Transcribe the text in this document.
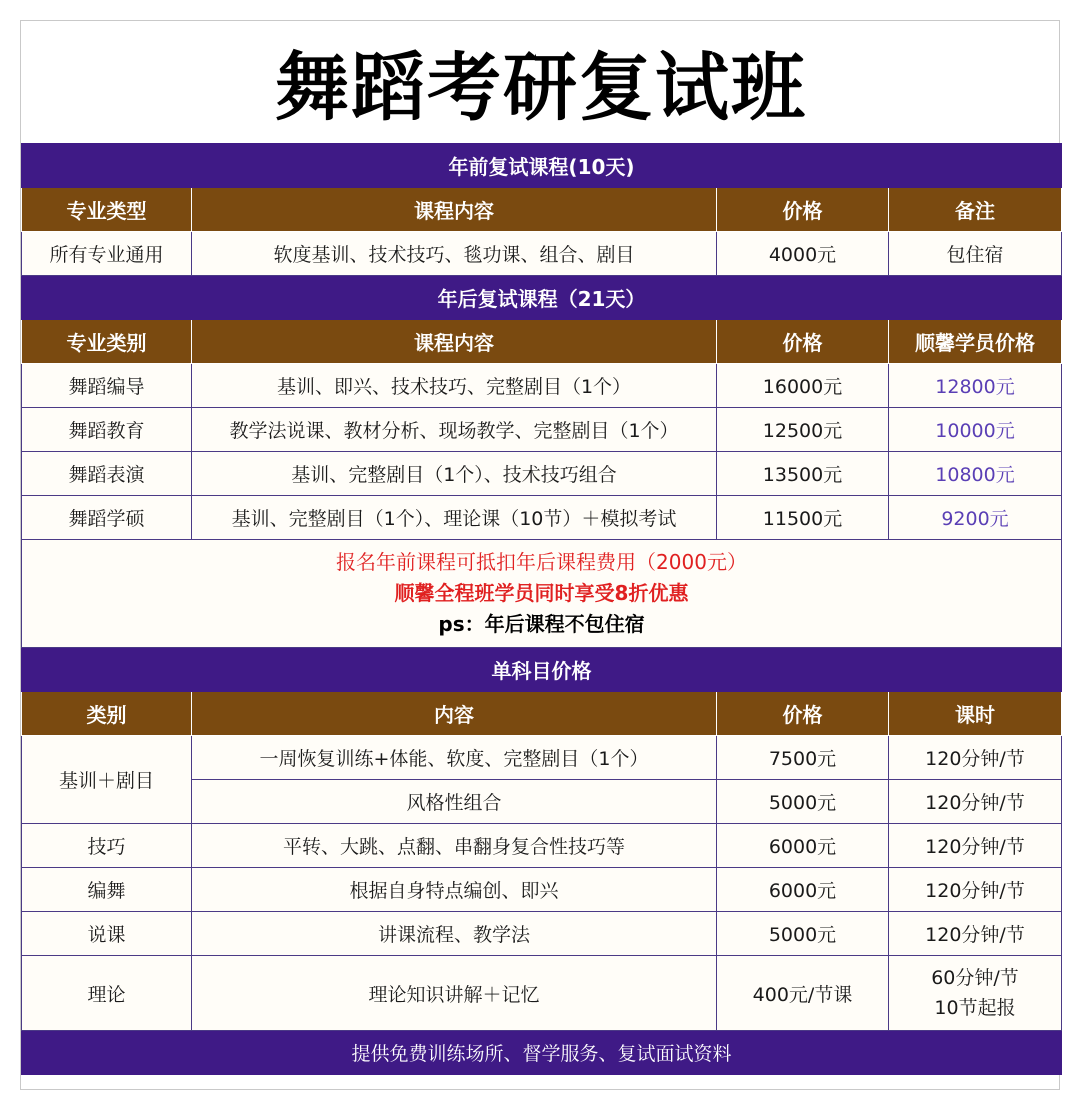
舞蹈考研复试班
年前复试课程(10天)			
专业类型	课程内容	价格	备注
所有专业通用	软度基训、技术技巧、毯功课、组合、剧目	4000元	包住宿
年后复试课程（21天）			
专业类别	课程内容	价格	顺馨学员价格
舞蹈编导	基训、即兴、技术技巧、完整剧目（1个）	16000元	12800元
舞蹈教育	教学法说课、教材分析、现场教学、完整剧目（1个）	12500元	10000元
舞蹈表演	基训、完整剧目（1个）、技术技巧组合	13500元	10800元
舞蹈学硕	基训、完整剧目（1个）、理论课（10节）＋模拟考试	11500元	9200元

报名年前课程可抵扣年后课程费用（2000元）
顺馨全程班学员同时享受8折优惠
ps：年后课程不包住宿			

单科目价格			
类别	内容	价格	课时
基训＋剧目	一周恢复训练+体能、软度、完整剧目（1个）	7500元	120分钟/节
	风格性组合	5000元	120分钟/节
技巧	平转、大跳、点翻、串翻身复合性技巧等	6000元	120分钟/节
编舞	根据自身特点编创、即兴	6000元	120分钟/节
说课	讲课流程、教学法	5000元	120分钟/节
理论	理论知识讲解＋记忆	400元/节课	60分钟/节
10节起报

提供免费训练场所、督学服务、复试面试资料			
